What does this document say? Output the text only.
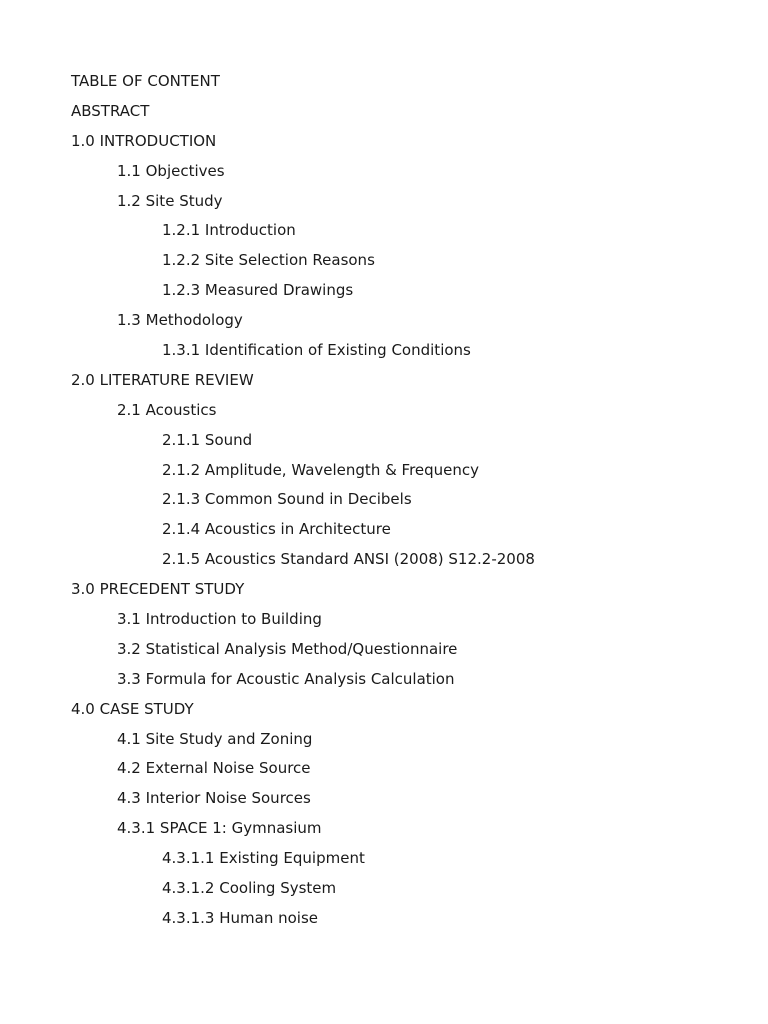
TABLE OF CONTENT
ABSTRACT
1.0 INTRODUCTION
1.1 Objectives
1.2 Site Study
1.2.1 Introduction
1.2.2 Site Selection Reasons
1.2.3 Measured Drawings
1.3 Methodology
1.3.1 Identification of Existing Conditions
2.0 LITERATURE REVIEW
2.1 Acoustics
2.1.1 Sound
2.1.2 Amplitude, Wavelength & Frequency
2.1.3 Common Sound in Decibels
2.1.4 Acoustics in Architecture
2.1.5 Acoustics Standard ANSI (2008) S12.2-2008
3.0 PRECEDENT STUDY
3.1 Introduction to Building
3.2 Statistical Analysis Method/Questionnaire
3.3 Formula for Acoustic Analysis Calculation
4.0 CASE STUDY
4.1 Site Study and Zoning
4.2 External Noise Source
4.3 Interior Noise Sources
4.3.1 SPACE 1: Gymnasium
4.3.1.1 Existing Equipment
4.3.1.2 Cooling System
4.3.1.3 Human noise
